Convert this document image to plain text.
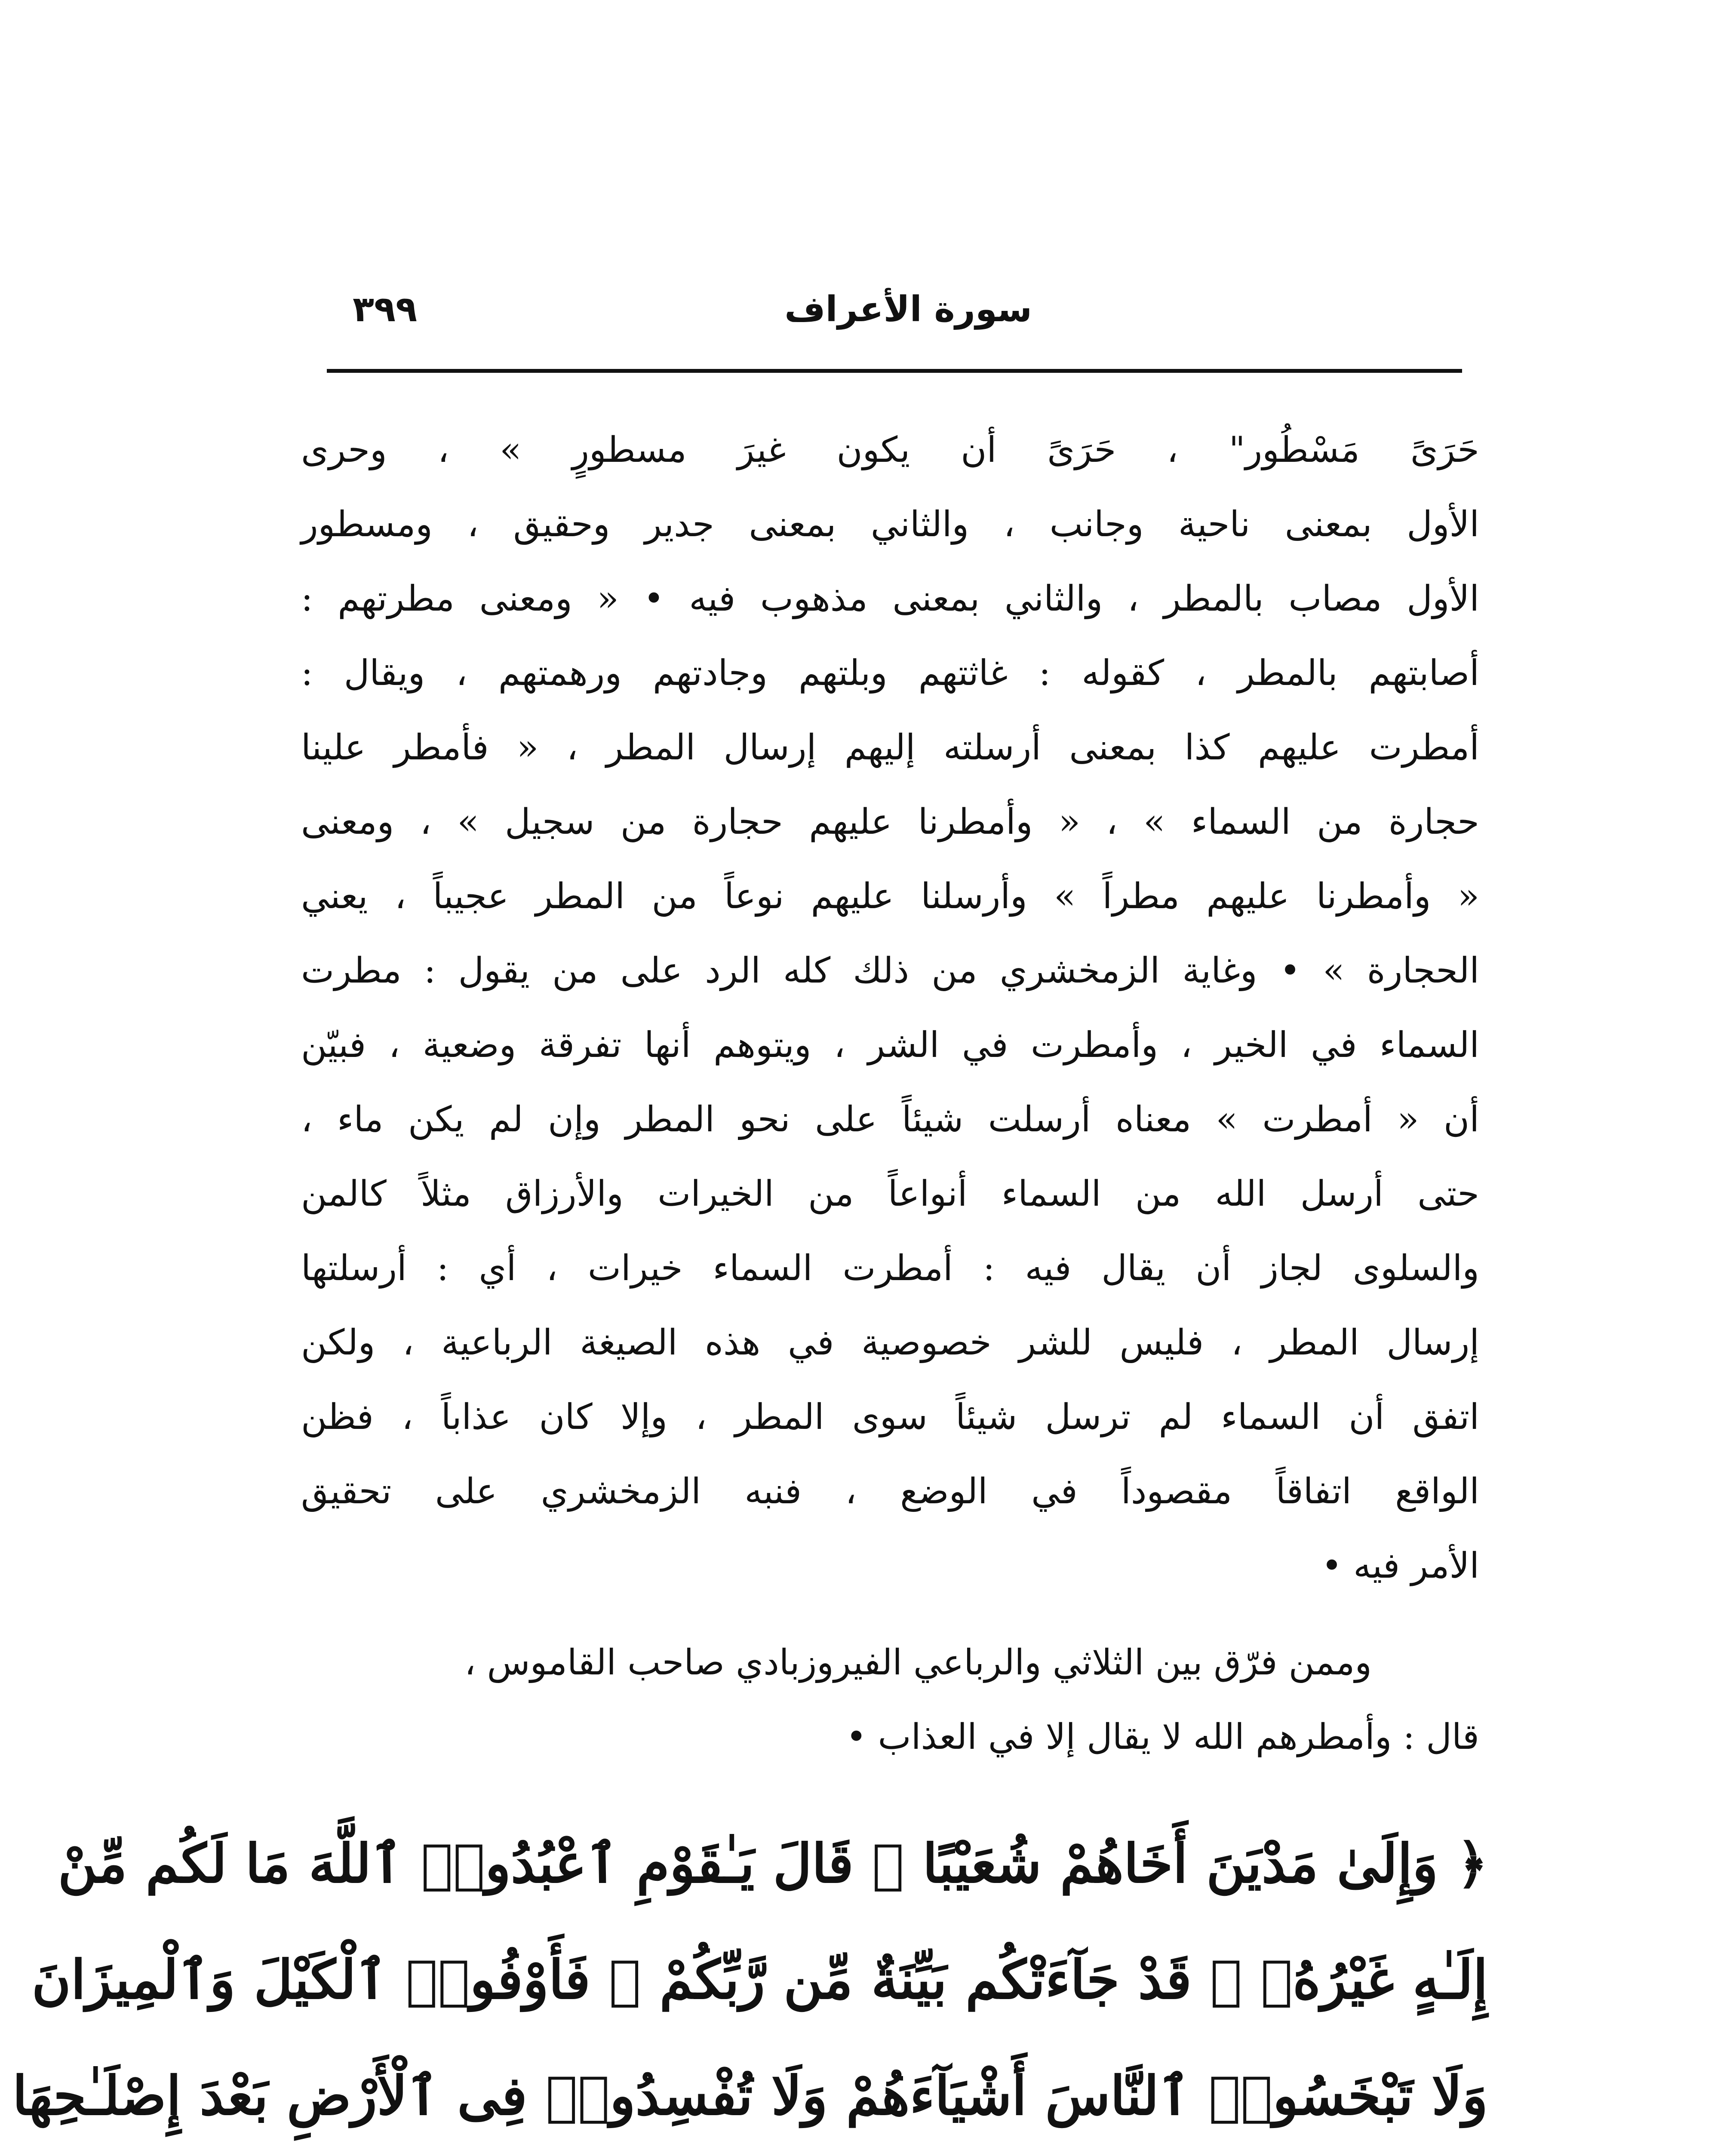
سورة الأعراف
٣٩٩
حَرَیً مَسْطُور" ، حَرَیً أن يكون غيرَ مسطورٍ » ، وحرى
الأول بمعنى ناحية وجانب ، والثاني بمعنى جدير وحقيق ، ومسطور
الأول مصاب بالمطر ، والثاني بمعنى مذهوب فيه • « ومعنى مطرتهم :
أصابتهم بالمطر ، كقوله : غاثتهم وبلتهم وجادتهم ورهمتهم ، ويقال :
أمطرت عليهم كذا بمعنى أرسلته إليهم إرسال المطر ، « فأمطر علينا
حجارة من السماء » ، « وأمطرنا عليهم حجارة من سجيل » ، ومعنى
« وأمطرنا عليهم مطراً » وأرسلنا عليهم نوعاً من المطر عجيباً ، يعني
الحجارة » • وغاية الزمخشري من ذلك كله الرد على من يقول : مطرت
السماء في الخير ، وأمطرت في الشر ، ويتوهم أنها تفرقة وضعية ، فبيّن
أن « أمطرت » معناه أرسلت شيئاً على نحو المطر وإن لم يكن ماء ،
حتى أرسل الله من السماء أنواعاً من الخيرات والأرزاق مثلاً كالمن
والسلوى لجاز أن يقال فيه : أمطرت السماء خيرات ، أي : أرسلتها
إرسال المطر ، فليس للشر خصوصية في هذه الصيغة الرباعية ، ولكن
اتفق أن السماء لم ترسل شيئاً سوى المطر ، وإلا كان عذاباً ، فظن
الواقع اتفاقاً مقصوداً في الوضع ، فنبه الزمخشري على تحقيق
الأمر فيه •
وممن فرّق بين الثلاثي والرباعي الفيروزبادي صاحب القاموس ،
قال : وأمطرهم الله لا يقال إلا في العذاب •
﴿ وَإِلَىٰ مَدْيَنَ أَخَاهُمْ شُعَيْبًا ۗ قَالَ يَـٰقَوْمِ ٱعْبُدُوا۟ ٱللَّهَ مَا لَكُم مِّنْ
إِلَـٰهٍ غَيْرُهُۥ ۖ قَدْ جَآءَتْكُم بَيِّنَةٌ مِّن رَّبِّكُمْ ۖ فَأَوْفُوا۟ ٱلْكَيْلَ وَٱلْمِيزَانَ
وَلَا تَبْخَسُوا۟ ٱلنَّاسَ أَشْيَآءَهُمْ وَلَا تُفْسِدُوا۟ فِى ٱلْأَرْضِ بَعْدَ إِصْلَـٰحِهَا
